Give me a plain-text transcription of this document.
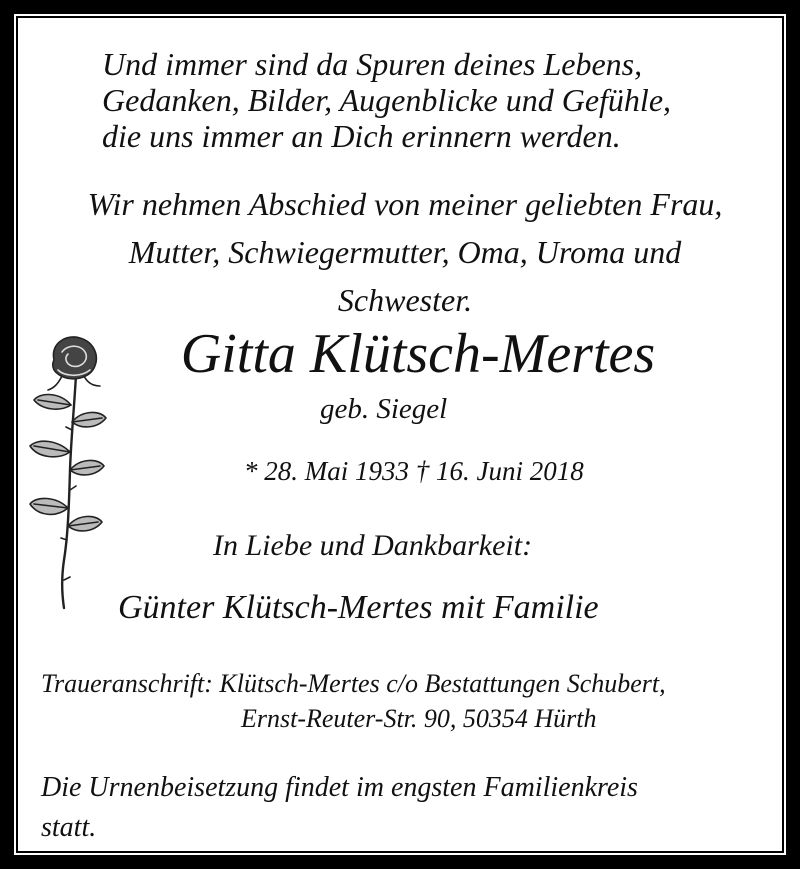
Und immer sind da Spuren deines Lebens,
Gedanken, Bilder, Augenblicke und Gefühle,
die uns immer an Dich erinnern werden.
Wir nehmen Abschied von meiner geliebten Frau,
Mutter, Schwiegermutter, Oma, Uroma und
Schwester.
Gitta Klütsch-Mertes
geb. Siegel
* 28. Mai 1933 † 16. Juni 2018
In Liebe und Dankbarkeit:
Günter Klütsch-Mertes mit Familie
Traueranschrift: Klütsch-Mertes c/o Bestattungen Schubert,
Ernst-Reuter-Str. 90, 50354 Hürth
Die Urnenbeisetzung findet im engsten Familienkreis
statt.
